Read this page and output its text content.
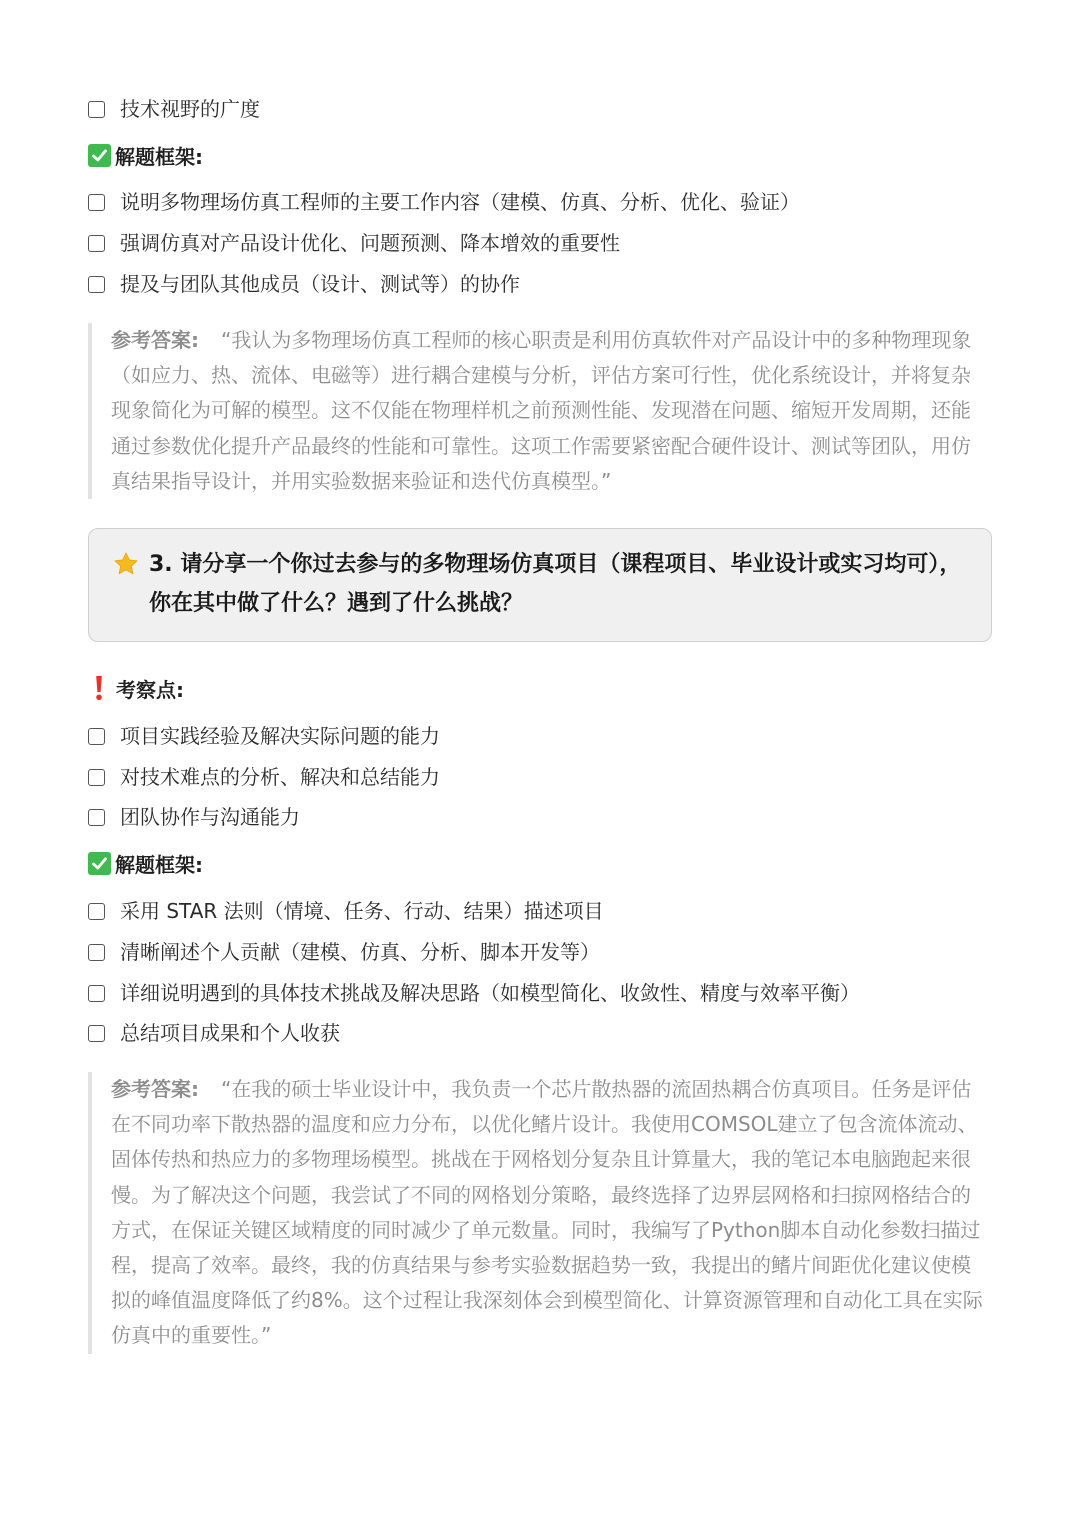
技术视野的广度
解题框架:
说明多物理场仿真工程师的主要工作内容（建模、仿真、分析、优化、验证）
强调仿真对产品设计优化、问题预测、降本增效的重要性
提及与团队其他成员（设计、测试等）的协作
参考答案: “我认为多物理场仿真工程师的核心职责是利用仿真软件对产品设计中的多种物理现象（如应力、热、流体、电磁等）进行耦合建模与分析，评估方案可行性，优化系统设计，并将复杂现象简化为可解的模型。这不仅能在物理样机之前预测性能、发现潜在问题、缩短开发周期，还能通过参数优化提升产品最终的性能和可靠性。这项工作需要紧密配合硬件设计、测试等团队，用仿真结果指导设计，并用实验数据来验证和迭代仿真模型。”
3. 请分享一个你过去参与的多物理场仿真项目（课程项目、毕业设计或实习均可），你在其中做了什么？遇到了什么挑战？
考察点:
项目实践经验及解决实际问题的能力
对技术难点的分析、解决和总结能力
团队协作与沟通能力
解题框架:
采用 STAR 法则（情境、任务、行动、结果）描述项目
清晰阐述个人贡献（建模、仿真、分析、脚本开发等）
详细说明遇到的具体技术挑战及解决思路（如模型简化、收敛性、精度与效率平衡）
总结项目成果和个人收获
参考答案: “在我的硕士毕业设计中，我负责一个芯片散热器的流固热耦合仿真项目。任务是评估在不同功率下散热器的温度和应力分布，以优化鳍片设计。我使用COMSOL建立了包含流体流动、固体传热和热应力的多物理场模型。挑战在于网格划分复杂且计算量大，我的笔记本电脑跑起来很慢。为了解决这个问题，我尝试了不同的网格划分策略，最终选择了边界层网格和扫掠网格结合的方式，在保证关键区域精度的同时减少了单元数量。同时，我编写了Python脚本自动化参数扫描过程，提高了效率。最终，我的仿真结果与参考实验数据趋势一致，我提出的鳍片间距优化建议使模拟的峰值温度降低了约8%。这个过程让我深刻体会到模型简化、计算资源管理和自动化工具在实际仿真中的重要性。”
